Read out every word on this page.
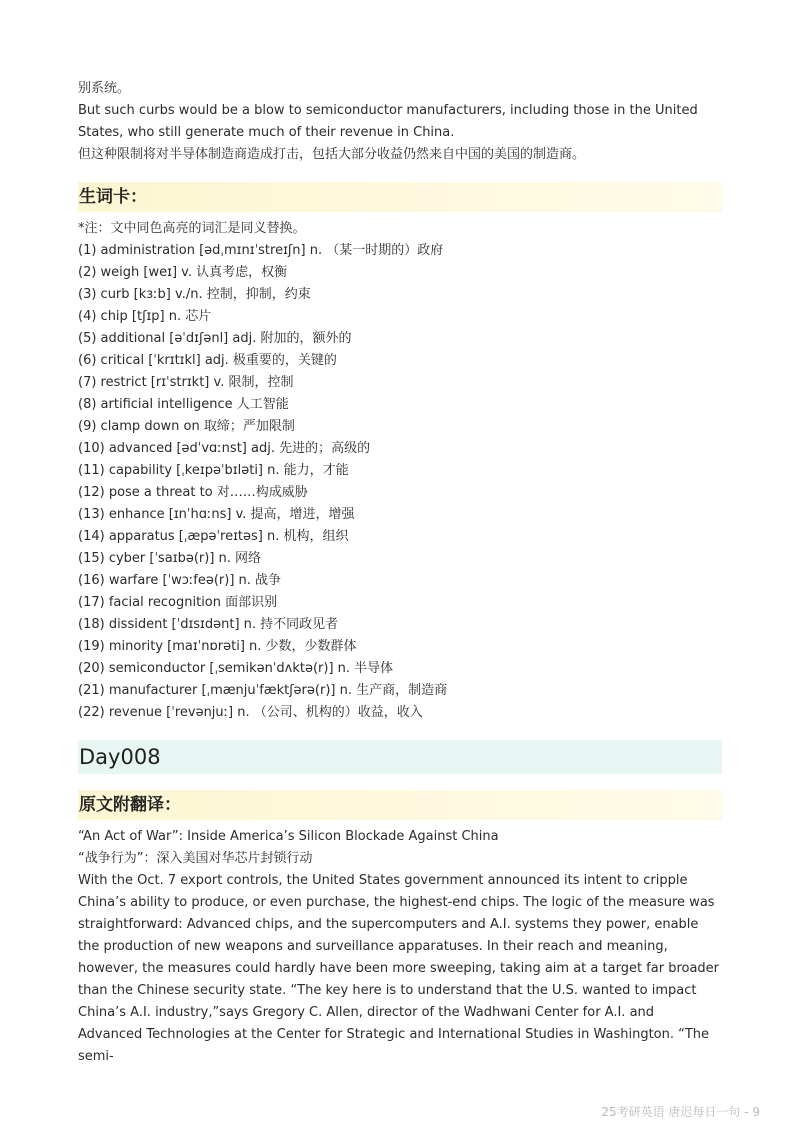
别系统。

But such curbs would be a blow to semiconductor manufacturers, including those in the United States, who still generate much of their revenue in China.

但这种限制将对半导体制造商造成打击，包括大部分收益仍然来自中国的美国的制造商。

生词卡：

*注：文中同色高亮的词汇是同义替换。

(1) administration [ədˌmɪnɪˈstreɪʃn] n. （某一时期的）政府
(2) weigh [weɪ] v. 认真考虑，权衡
(3) curb [kɜːb] v./n. 控制，抑制，约束
(4) chip [tʃɪp] n. 芯片
(5) additional [əˈdɪʃənl] adj. 附加的，额外的
(6) critical [ˈkrɪtɪkl] adj. 极重要的，关键的
(7) restrict [rɪˈstrɪkt] v. 限制，控制
(8) artificial intelligence 人工智能
(9) clamp down on 取缔；严加限制
(10) advanced [ədˈvɑːnst] adj. 先进的；高级的
(11) capability [ˌkeɪpəˈbɪləti] n. 能力，才能
(12) pose a threat to 对……构成威胁
(13) enhance [ɪnˈhɑːns] v. 提高，增进，增强
(14) apparatus [ˌæpəˈreɪtəs] n. 机构，组织
(15) cyber [ˈsaɪbə(r)] n. 网络
(16) warfare [ˈwɔːfeə(r)] n. 战争
(17) facial recognition 面部识别
(18) dissident [ˈdɪsɪdənt] n. 持不同政见者
(19) minority [maɪˈnɒrəti] n. 少数，少数群体
(20) semiconductor [ˌsemikənˈdʌktə(r)] n. 半导体
(21) manufacturer [ˌmænjuˈfæktʃərə(r)] n. 生产商，制造商
(22) revenue [ˈrevənjuː] n. （公司、机构的）收益，收入
Day008
原文附翻译：

“An Act of War”: Inside America’s Silicon Blockade Against China

“战争行为”：深入美国对华芯片封锁行动

With the Oct. 7 export controls, the United States government announced its intent to cripple China’s ability to produce, or even purchase, the highest-end chips. The logic of the measure was straightforward: Advanced chips, and the supercomputers and A.I. systems they power, enable the production of new weapons and surveillance apparatuses. In their reach and meaning, however, the measures could hardly have been more sweeping, taking aim at a target far broader than the Chinese security state. “The key here is to understand that the U.S. wanted to impact China’s A.I. industry,”says Gregory C. Allen, director of the Wadhwani Center for A.I. and Advanced Technologies at the Center for Strategic and International Studies in Washington. “The semi-

25考研英语 唐迟每日一句 - 9
